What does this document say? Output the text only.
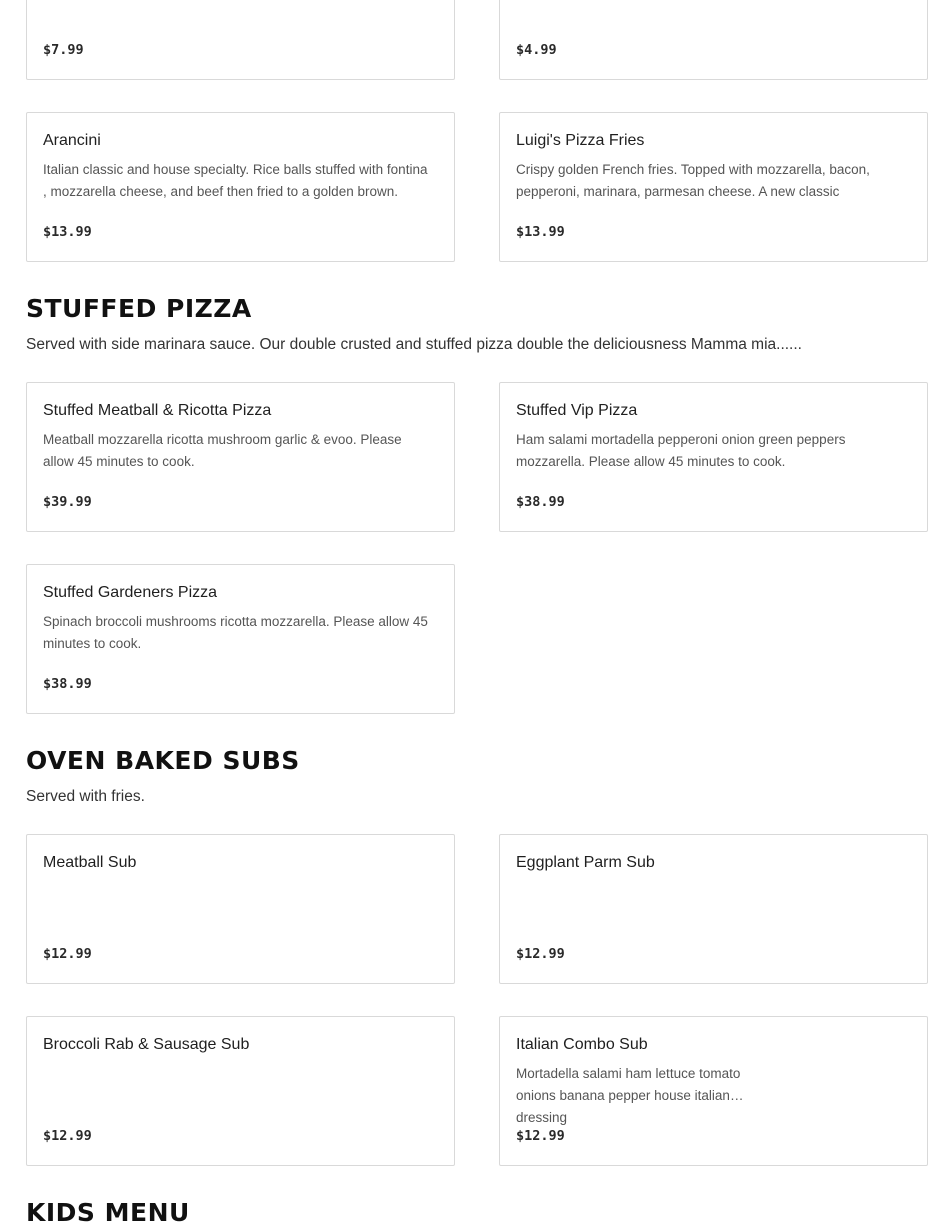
$7.99	$4.99
Arancini
Italian classic and house specialty. Rice balls stuffed with fontina , mozzarella cheese, and beef then fried to a golden brown.
$13.99
Luigi's Pizza Fries
Crispy golden French fries. Topped with mozzarella, bacon, pepperoni, marinara, parmesan cheese. A new classic
$13.99
STUFFED PIZZA

Served with side marinara sauce. Our double crusted and stuffed pizza double the deliciousness Mamma mia......

Stuffed Meatball & Ricotta Pizza
Meatball mozzarella ricotta mushroom garlic & evoo. Please allow 45 minutes to cook.
$39.99
Stuffed Vip Pizza
Ham salami mortadella pepperoni onion green peppers mozzarella. Please allow 45 minutes to cook.
$38.99
Stuffed Gardeners Pizza
Spinach broccoli mushrooms ricotta mozzarella. Please allow 45 minutes to cook.
$38.99
OVEN BAKED SUBS

Served with fries.

Meatball Sub
$12.99
Eggplant Parm Sub
$12.99
Broccoli Rab & Sausage Sub
$12.99
Italian Combo Sub
Mortadella salami ham lettuce tomato onions banana pepper house italian dressing
$12.99
KIDS MENU
